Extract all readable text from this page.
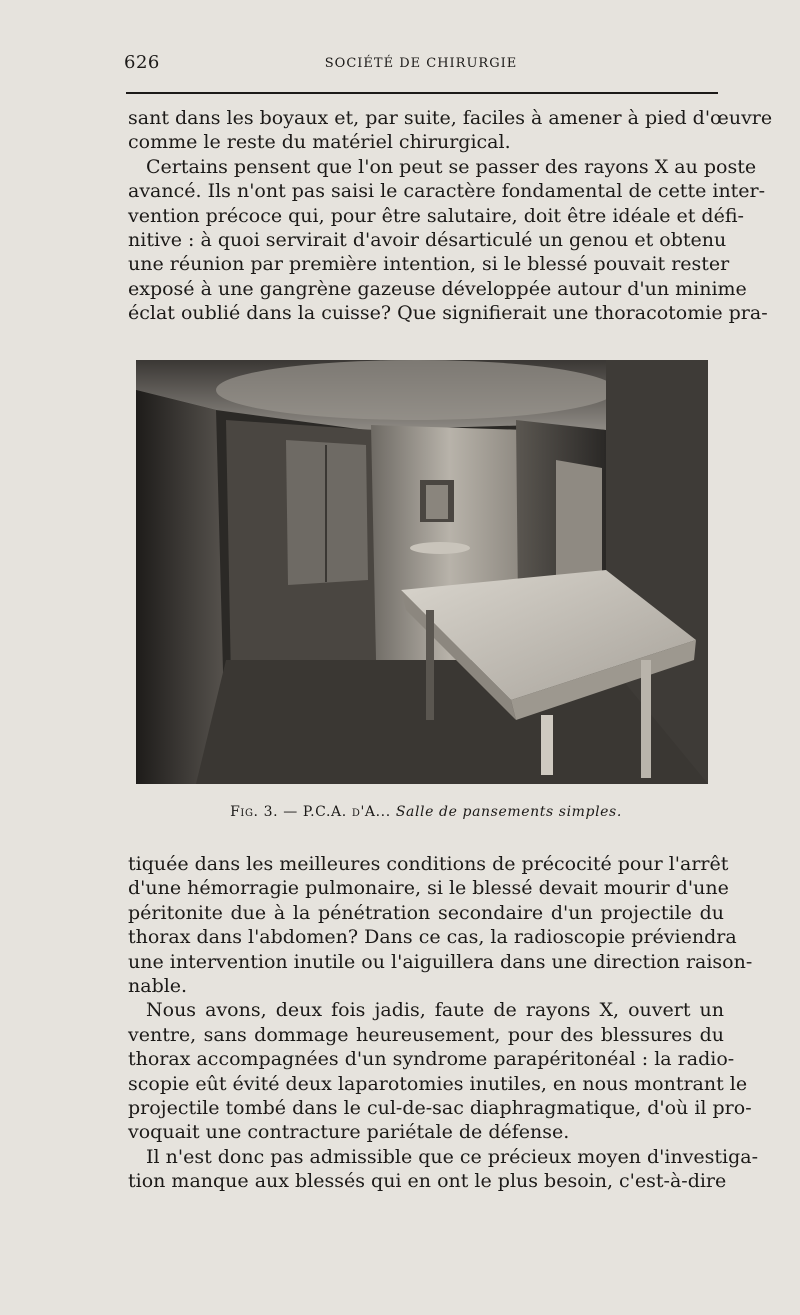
626	SOCIÉTÉ DE CHIRURGIE
sant dans les boyaux et, par suite, faciles à amener à pied d'œuvre
comme le reste du matériel chirurgical.
Certains pensent que l'on peut se passer des rayons X au poste
avancé. Ils n'ont pas saisi le caractère fondamental de cette inter-
vention précoce qui, pour être salutaire, doit être idéale et défi-
nitive : à quoi servirait d'avoir désarticulé un genou et obtenu
une réunion par première intention, si le blessé pouvait rester
exposé à une gangrène gazeuse développée autour d'un minime
éclat oublié dans la cuisse? Que signifierait une thoracotomie pra-
Fig. 3. — P.C.A. d'A... Salle de pansements simples.
tiquée dans les meilleures conditions de précocité pour l'arrêt
d'une hémorragie pulmonaire, si le blessé devait mourir d'une
péritonite due à la pénétration secondaire d'un projectile du
thorax dans l'abdomen? Dans ce cas, la radioscopie préviendra
une intervention inutile ou l'aiguillera dans une direction raison-
nable.
Nous avons, deux fois jadis, faute de rayons X, ouvert un
ventre, sans dommage heureusement, pour des blessures du
thorax accompagnées d'un syndrome parapéritonéal : la radio-
scopie eût évité deux laparotomies inutiles, en nous montrant le
projectile tombé dans le cul-de-sac diaphragmatique, d'où il pro-
voquait une contracture pariétale de défense.
Il n'est donc pas admissible que ce précieux moyen d'investiga-
tion manque aux blessés qui en ont le plus besoin, c'est-à-dire
